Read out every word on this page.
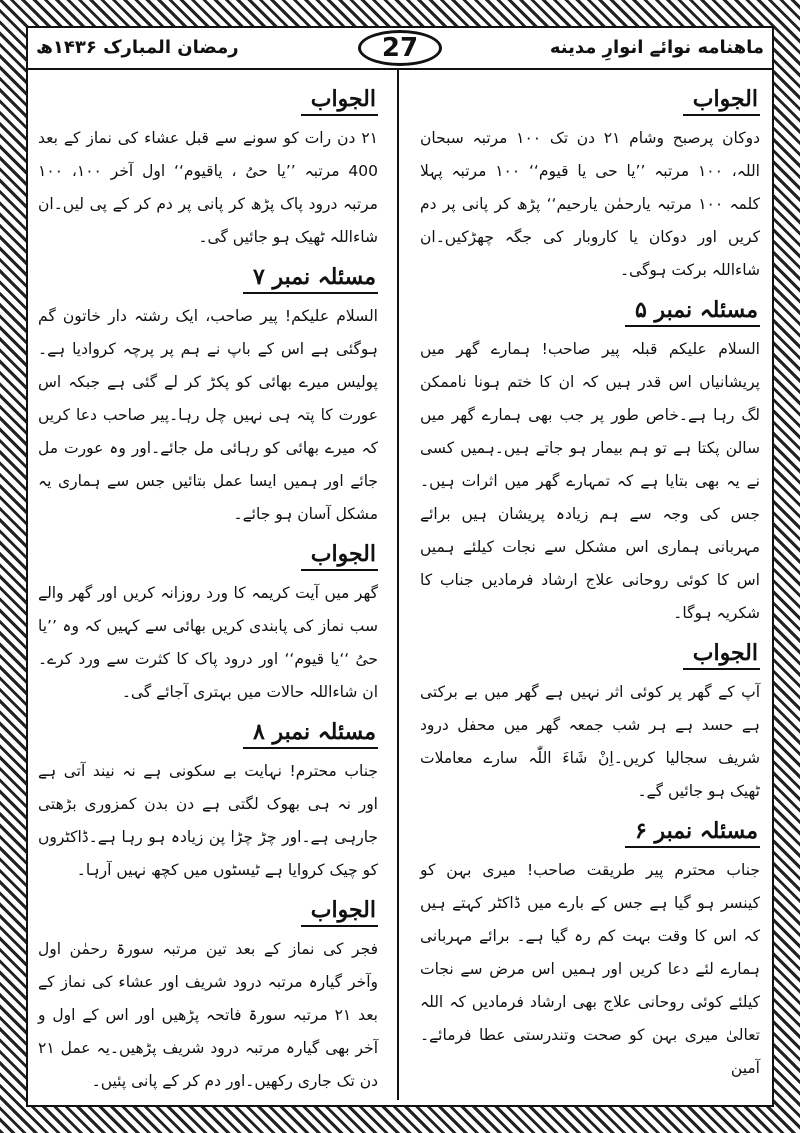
ماهنامه نوائے انوارِ مدینه
27
رمضان المبارک ۱۴۳۶ھ
الجواب

دوکان پرصبح وشام ۲۱ دن تک ۱۰۰ مرتبہ سبحان اللہ، ۱۰۰ مرتبہ ’’یا حی یا قیوم‘‘ ۱۰۰ مرتبہ پہلا کلمہ ۱۰۰ مرتبہ یارحمٰن یارحیم‘‘ پڑھ کر پانی پر دم کریں اور دوکان یا کاروبار کی جگہ چھڑکیں۔ان شاءاللہ برکت ہوگی۔

مسئلہ نمبر ۵

السلام علیکم قبلہ پیر صاحب! ہمارے گھر میں پریشانیاں اس قدر ہیں کہ ان کا ختم ہونا ناممکن لگ رہا ہے۔خاص طور پر جب بھی ہمارے گھر میں سالن پکتا ہے تو ہم بیمار ہو جاتے ہیں۔ہمیں کسی نے یہ بھی بتایا ہے کہ تمہارے گھر میں اثرات ہیں۔جس کی وجہ سے ہم زیادہ پریشان ہیں برائے مہربانی ہماری اس مشکل سے نجات کیلئے ہمیں اس کا کوئی روحانی علاج ارشاد فرمادیں جناب کا شکریہ ہوگا۔

الجواب

آپ کے گھر پر کوئی اثر نہیں ہے گھر میں بے برکتی ہے حسد ہے ہر شب جمعہ گھر میں محفل درود شریف سجالیا کریں۔اِنْ شَاءَ اللّٰہ سارے معاملات ٹھیک ہو جائیں گے۔

مسئلہ نمبر ۶

جناب محترم پیر طریقت صاحب! میری بہن کو کینسر ہو گیا ہے جس کے بارے میں ڈاکٹر کہتے ہیں کہ اس کا وقت بہت کم رہ گیا ہے۔ برائے مہربانی ہمارے لئے دعا کریں اور ہمیں اس مرض سے نجات کیلئے کوئی روحانی علاج بھی ارشاد فرمادیں کہ اللہ تعالیٰ میری بہن کو صحت وتندرستی عطا فرمائے۔آمین

الجواب

۲۱ دن رات کو سونے سے قبل عشاء کی نماز کے بعد 400 مرتبہ ’’یا حیُ ، یاقیوم‘‘ اول آخر ۱۰۰، ۱۰۰ مرتبہ درود پاک پڑھ کر پانی پر دم کر کے پی لیں۔ان شاءاللہ ٹھیک ہو جائیں گی۔

مسئلہ نمبر ۷

السلام علیکم! پیر صاحب، ایک رشتہ دار خاتون گم ہوگئی ہے اس کے باپ نے ہم پر پرچہ کروادیا ہے۔پولیس میرے بھائی کو پکڑ کر لے گئی ہے جبکہ اس عورت کا پتہ ہی نہیں چل رہا۔پیر صاحب دعا کریں کہ میرے بھائی کو رہائی مل جائے۔اور وہ عورت مل جائے اور ہمیں ایسا عمل بتائیں جس سے ہماری یہ مشکل آسان ہو جائے۔

الجواب

گھر میں آیت کریمہ کا ورد روزانہ کریں اور گھر والے سب نماز کی پابندی کریں بھائی سے کہیں کہ وہ ’’یا حیُ ‘‘یا قیوم‘‘ اور درود پاک کا کثرت سے ورد کرے۔ان شاءاللہ حالات میں بہتری آجائے گی۔

مسئلہ نمبر ۸

جناب محترم! نہایت بے سکونی ہے نہ نیند آتی ہے اور نہ ہی بھوک لگتی ہے دن بدن کمزوری بڑھتی جارہی ہے۔اور چڑ چڑا پن زیادہ ہو رہا ہے۔ڈاکٹروں کو چیک کروایا ہے ٹیسٹوں میں کچھ نہیں آرہا۔

الجواب

فجر کی نماز کے بعد تین مرتبہ سورۃ رحمٰن اول وآخر گیارہ مرتبہ درود شریف اور عشاء کی نماز کے بعد ۲۱ مرتبہ سورۃ فاتحہ پڑھیں اور اس کے اول و آخر بھی گیارہ مرتبہ درود شریف پڑھیں۔یہ عمل ۲۱ دن تک جاری رکھیں۔اور دم کر کے پانی پئیں۔
